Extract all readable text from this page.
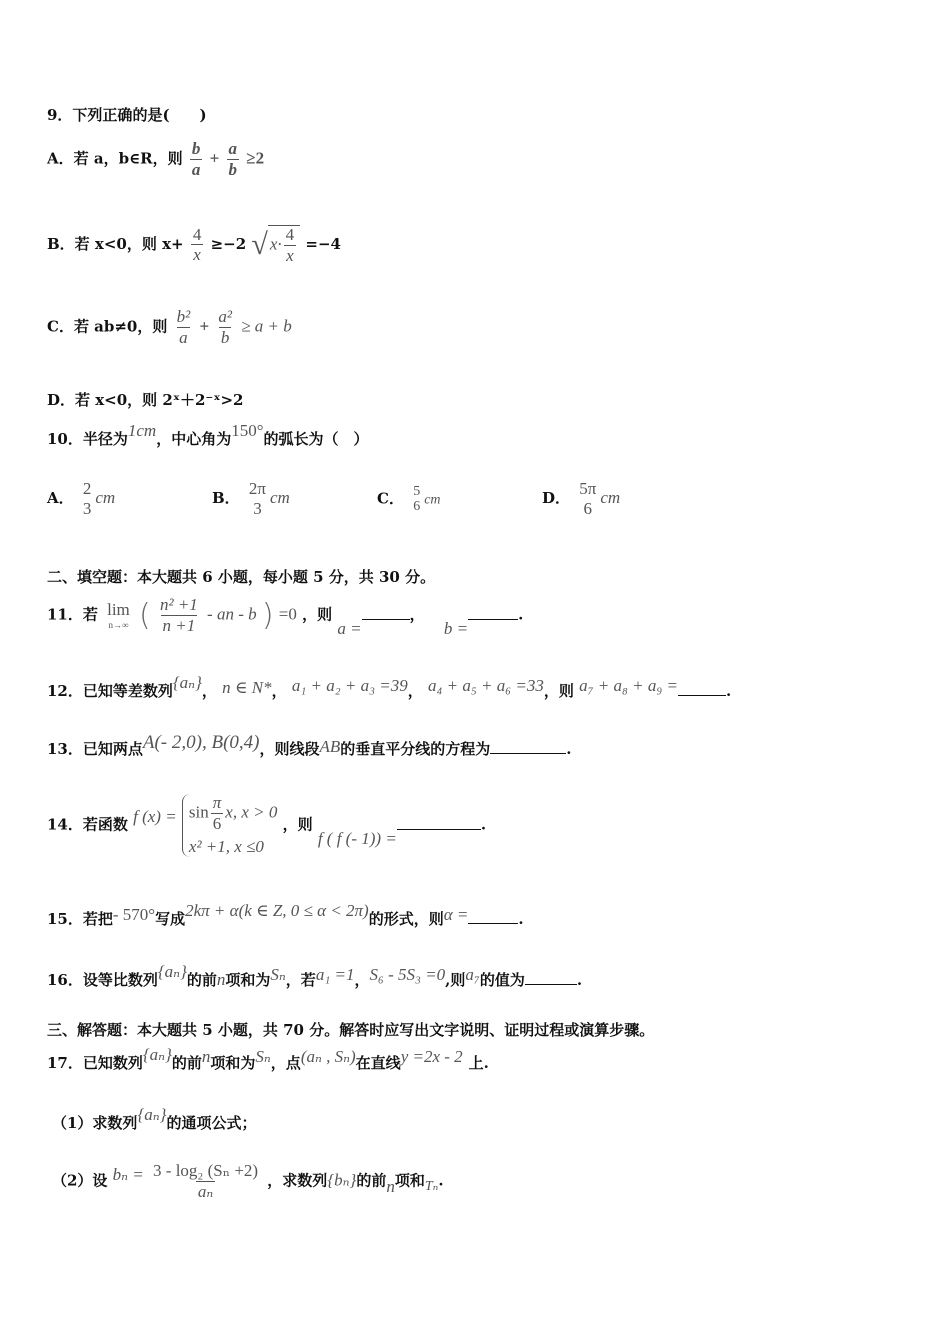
9．下列正确的是(　　)
A．若 a，b∈R，则 $\frac{b}{a} + \frac{a}{b} \ge 2$
B．若 x<0，则 $x+ \frac{4}{x} \ge-2$ √ $x\cdot \frac{4}{x} =-4$
C．若 ab≠0，则 $\frac{\text{b²}}{a} + \frac{\text{a²}}{b} \ge a + b$
D．若 x<0，则 2ˣ＋2⁻ˣ>2
10．半径为1cm，中心角为150°的弧长为（　）
A．
2
3
cm	B．
2π
3
cm	C． 5
6 cm	D．
5π
6
cm
二、填空题：本大题共 6 小题，每小题 5 分，共 30 分。
11．若 lim
n→∞ ( $\frac{\text{n² +1}}{n +1}$ - an - b ) =0 ，则 a =， b =.
12．已知等差数列{aₙ}， n ∈ N*， a₁ + a₂ + a₃ =39， a₄ + a₅ + a₆ =33，则 a₇ + a₈ + a₉ =	.
13．已知两点A(- 2,0), B(0,4)，则线段AB的垂直平分线的方程为	.
14．若函数 f $(x) = \sin \frac{\pi}{6} x$, x > 0
x² +1, x ≤0
，则 f ( f (- 1)) =.
15．若把- 570°写成2kπ + α(k ∈ Z, 0 ≤ α < 2π)的形式，则α =	.
16．设等比数列{aₙ}的前n项和为Sₙ，若a₁ =1，S₆ - 5S₃ =0,则a₇的值为	.
三、解答题：本大题共 5 小题，共 70 分。解答时应写出文字说明、证明过程或演算步骤。
17．已知数列{aₙ}的前n项和为Sₙ，点(aₙ , Sₙ)在直线y =2x - 2 上.
（1）求数列{aₙ}的通项公式；
（2）设 $b_n = \frac{\text{3 - log₂ (Sₙ +2)}}{\text{aₙ}}$ ，求数列{bₙ}的前n项和Tₙ.
